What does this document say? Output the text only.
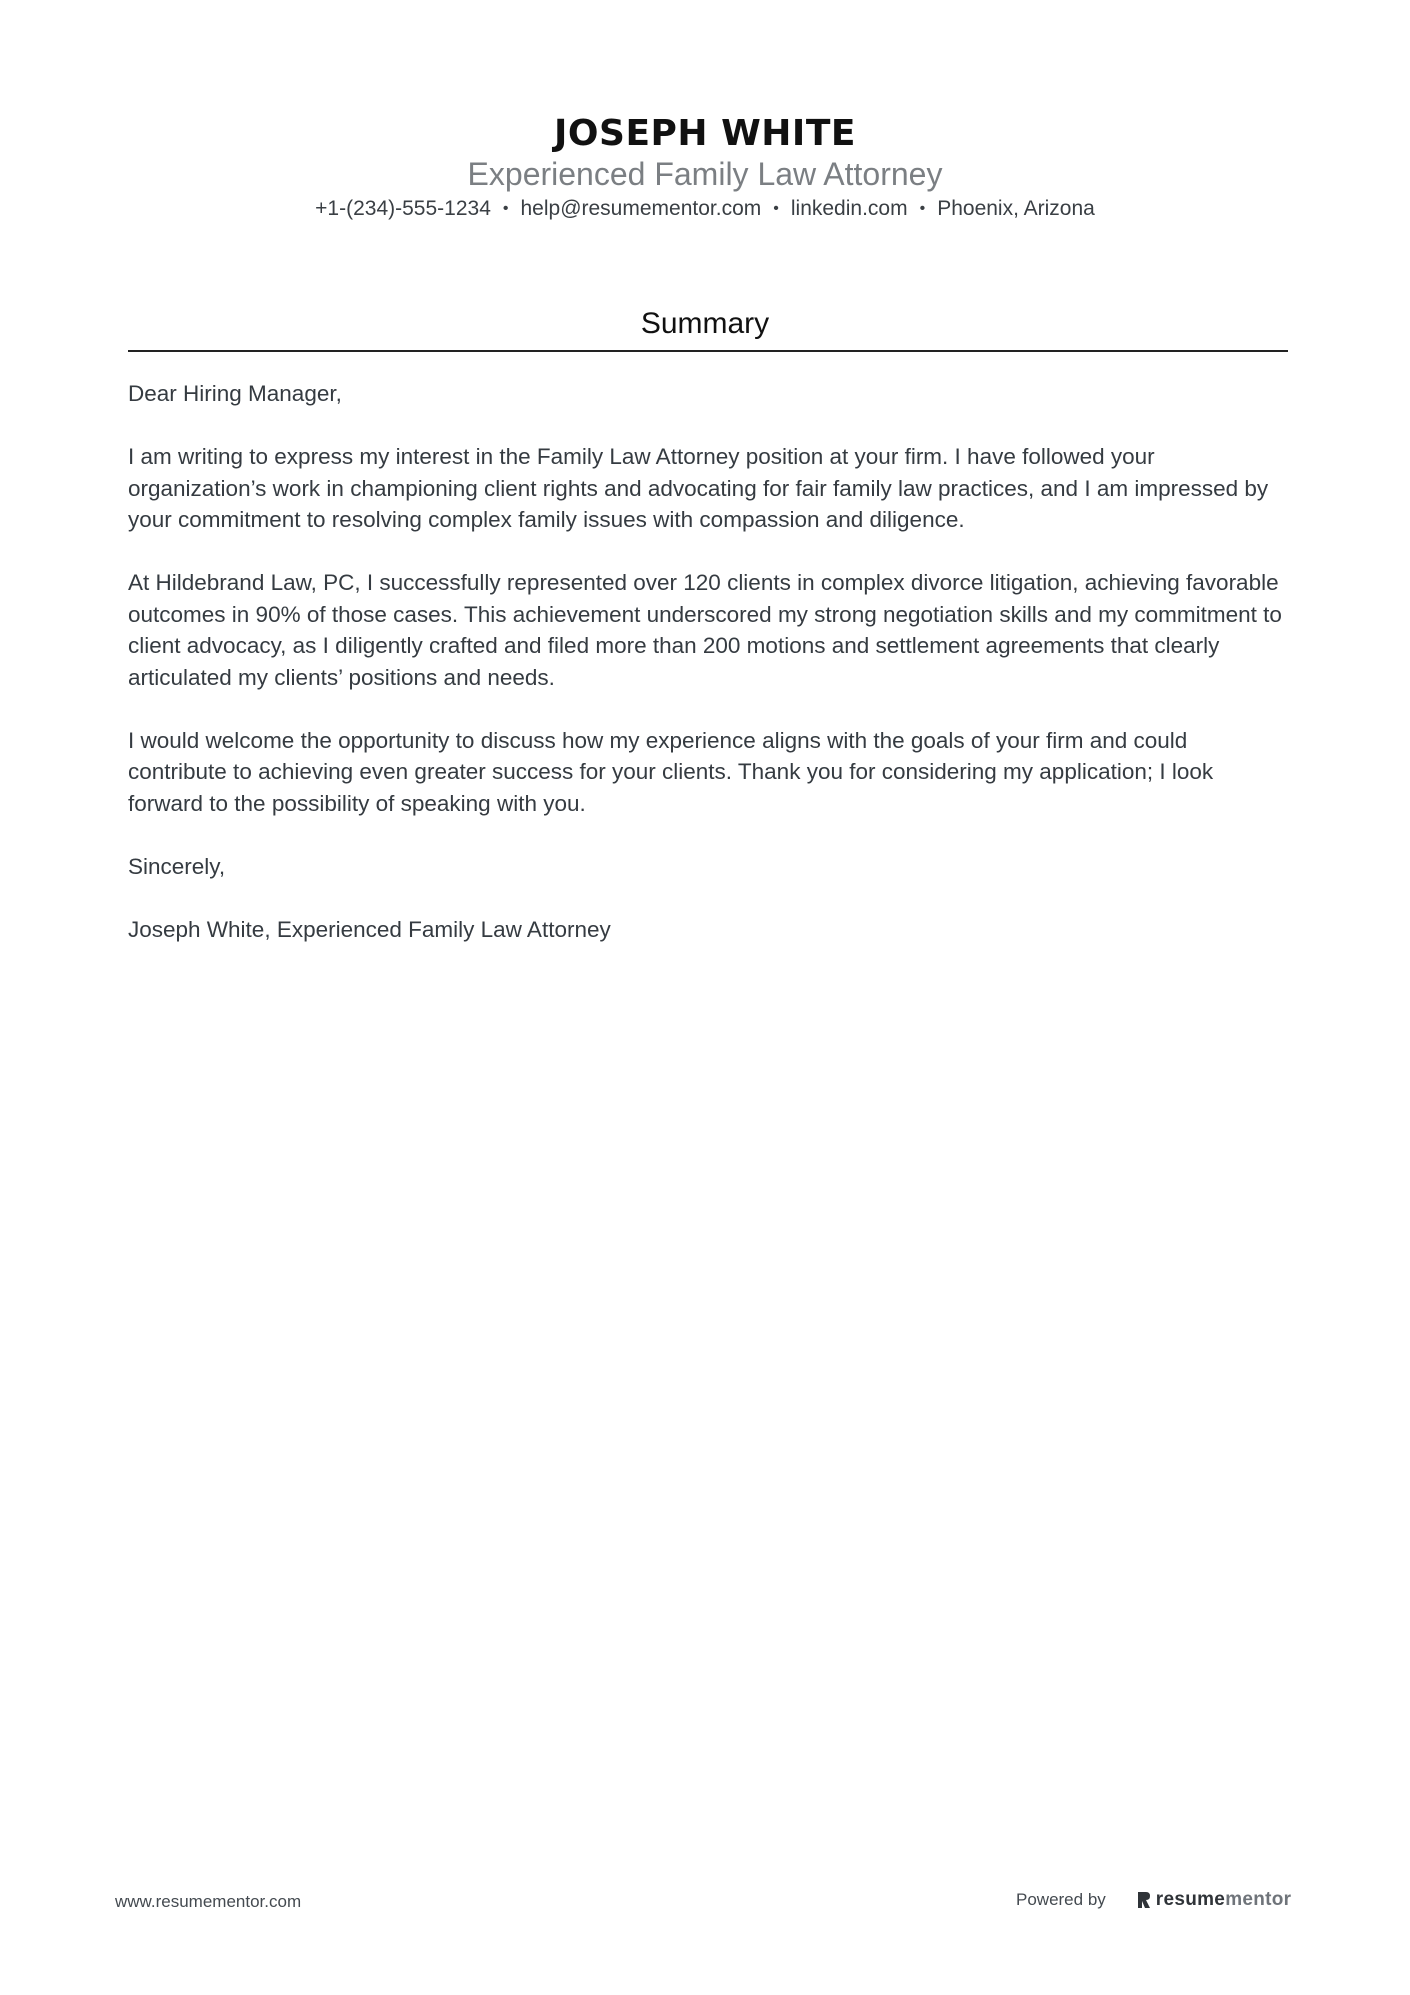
JOSEPH WHITE
Experienced Family Law Attorney
+1-(234)-555-1234 • help@resumementor.com • linkedin.com • Phoenix, Arizona
Summary

Dear Hiring Manager,

I am writing to express my interest in the Family Law Attorney position at your firm. I have followed your organization’s work in championing client rights and advocating for fair family law practices, and I am impressed by your commitment to resolving complex family issues with compassion and diligence.

At Hildebrand Law, PC, I successfully represented over 120 clients in complex divorce litigation, achieving favorable outcomes in 90% of those cases. This achievement underscored my strong negotiation skills and my commitment to client advocacy, as I diligently crafted and filed more than 200 motions and settlement agreements that clearly articulated my clients’ positions and needs.

I would welcome the opportunity to discuss how my experience aligns with the goals of your firm and could contribute to achieving even greater success for your clients. Thank you for considering my application; I look forward to the possibility of speaking with you.

Sincerely,

Joseph White, Experienced Family Law Attorney

www.resumementor.com	Powered by	resume mentor
